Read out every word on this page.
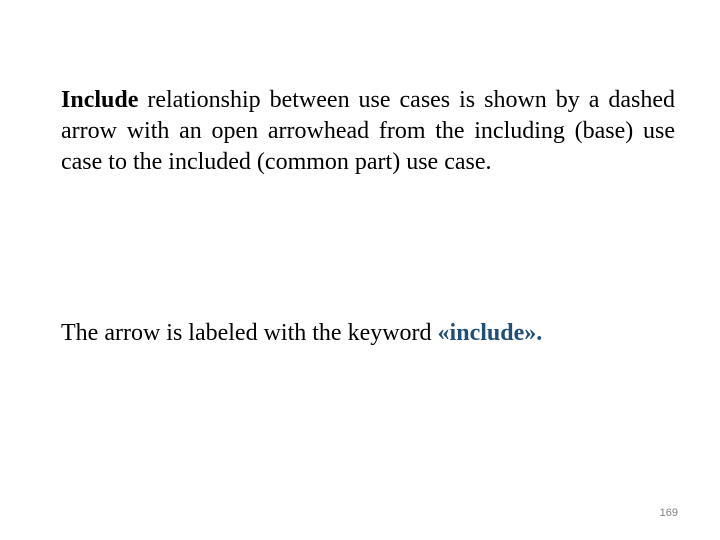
Include relationship between use cases is shown by a dashed arrow with an open arrowhead from the including (base) use case to the included (common part) use case.

The arrow is labeled with the keyword «include».

169
